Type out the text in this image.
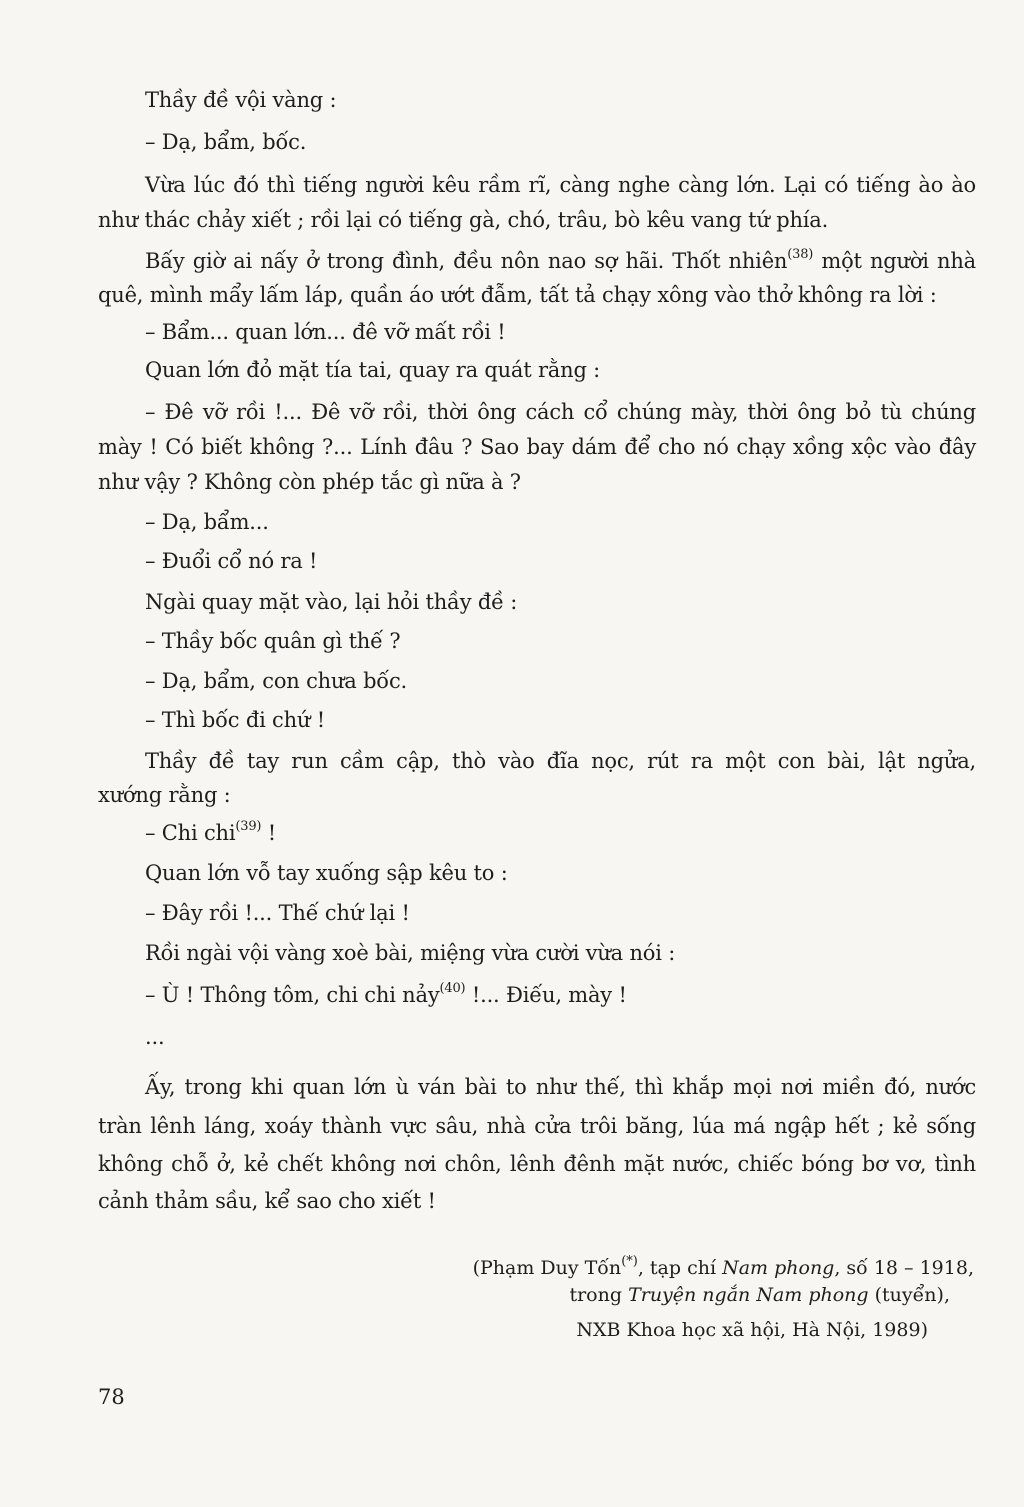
Thầy đề vội vàng :
– Dạ, bẩm, bốc.
Vừa lúc đó thì tiếng người kêu rầm rĩ, càng nghe càng lớn. Lại có tiếng ào ào
như thác chảy xiết ; rồi lại có tiếng gà, chó, trâu, bò kêu vang tứ phía.
Bấy giờ ai nấy ở trong đình, đều nôn nao sợ hãi. Thốt nhiên$^{(38)}$ một người nhà
quê, mình mẩy lấm láp, quần áo ướt đẫm, tất tả chạy xông vào thở không ra lời :
– Bẩm... quan lớn... đê vỡ mất rồi !
Quan lớn đỏ mặt tía tai, quay ra quát rằng :
– Đê vỡ rồi !... Đê vỡ rồi, thời ông cách cổ chúng mày, thời ông bỏ tù chúng
mày ! Có biết không ?... Lính đâu ? Sao bay dám để cho nó chạy xồng xộc vào đây
như vậy ? Không còn phép tắc gì nữa à ?
– Dạ, bẩm...
– Đuổi cổ nó ra !
Ngài quay mặt vào, lại hỏi thầy đề :
– Thầy bốc quân gì thế ?
– Dạ, bẩm, con chưa bốc.
– Thì bốc đi chứ !
Thầy đề tay run cầm cập, thò vào đĩa nọc, rút ra một con bài, lật ngửa,
xướng rằng :
– Chi chi$^{(39)}$ !
Quan lớn vỗ tay xuống sập kêu to :
– Đây rồi !... Thế chứ lại !
Rồi ngài vội vàng xoè bài, miệng vừa cười vừa nói :
– Ù ! Thông tôm, chi chi nảy$^{(40)}$ !... Điếu, mày !
...
Ấy, trong khi quan lớn ù ván bài to như thế, thì khắp mọi nơi miền đó, nước
tràn lênh láng, xoáy thành vực sâu, nhà cửa trôi băng, lúa má ngập hết ; kẻ sống
không chỗ ở, kẻ chết không nơi chôn, lênh đênh mặt nước, chiếc bóng bơ vơ, tình
cảnh thảm sầu, kể sao cho xiết !
(Phạm Duy Tốn(*), tạp chí Nam phong, số 18 – 1918,
trong Truyện ngắn Nam phong (tuyển),
NXB Khoa học xã hội, Hà Nội, 1989)
78
